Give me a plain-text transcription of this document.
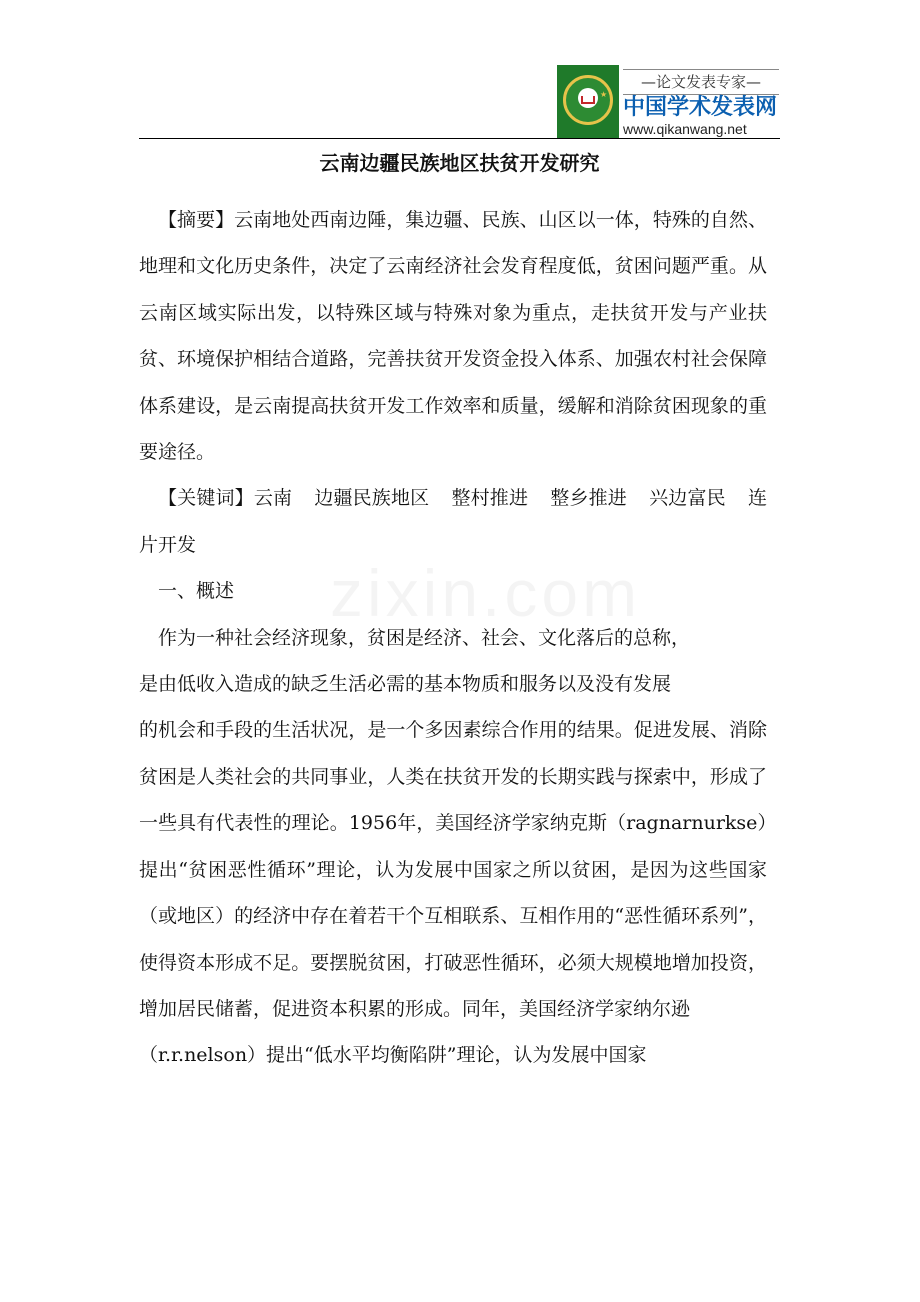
★
—论文发表专家—
中国学术发表网
www.qikanwang.net
云南边疆民族地区扶贫开发研究

【摘要】云南地处西南边陲，集边疆、民族、山区以一体，特殊的自然、地理和文化历史条件，决定了云南经济社会发育程度低，贫困问题严重。从云南区域实际出发，以特殊区域与特殊对象为重点，走扶贫开发与产业扶贫、环境保护相结合道路，完善扶贫开发资金投入体系、加强农村社会保障体系建设，是云南提高扶贫开发工作效率和质量，缓解和消除贫困现象的重要途径。

【关键词】云南 边疆民族地区 整村推进 整乡推进 兴边富民 连片开发

一、概述

作为一种社会经济现象，贫困是经济、社会、文化落后的总称，

是由低收入造成的缺乏生活必需的基本物质和服务以及没有发展

的机会和手段的生活状况，是一个多因素综合作用的结果。促进发展、消除贫困是人类社会的共同事业，人类在扶贫开发的长期实践与探索中，形成了一些具有代表性的理论。1956年，美国经济学家纳克斯（ragnarnurkse）提出“贫困恶性循环”理论，认为发展中国家之所以贫困，是因为这些国家（或地区）的经济中存在着若干个互相联系、互相作用的“恶性循环系列”，使得资本形成不足。要摆脱贫困，打破恶性循环，必须大规模地增加投资，增加居民储蓄，促进资本积累的形成。同年，美国经济学家纳尔逊

（r.r.nelson）提出“低水平均衡陷阱”理论，认为发展中国家
